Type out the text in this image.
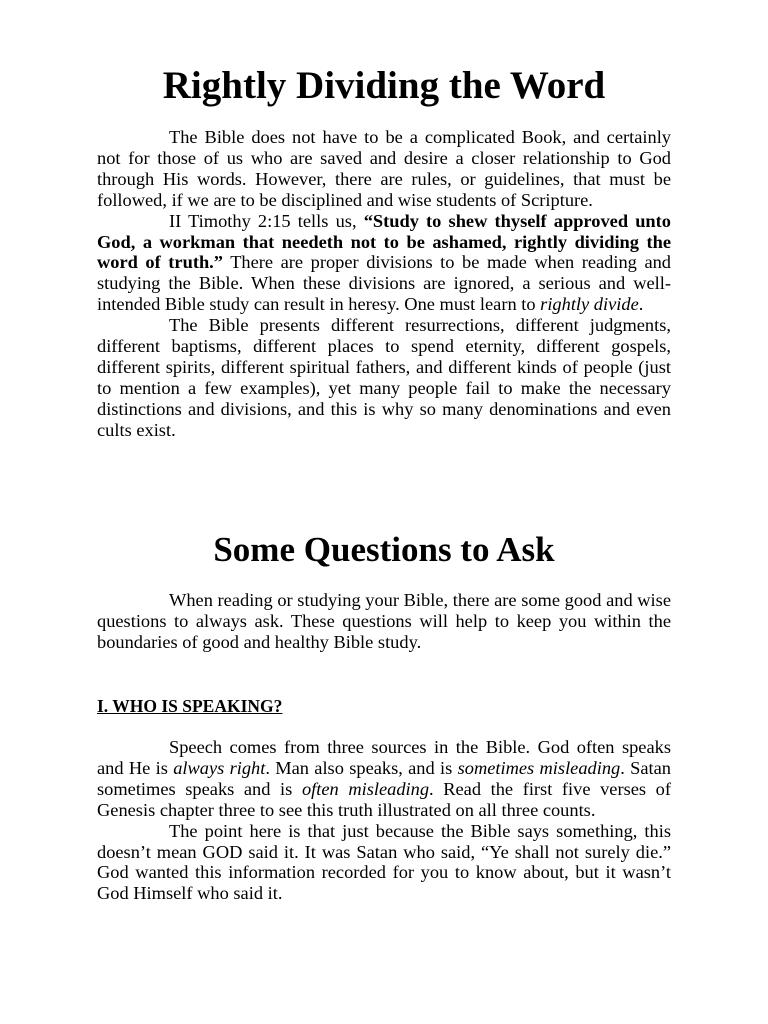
Rightly Dividing the Word

The Bible does not have to be a complicated Book, and certainly not for those of us who are saved and desire a closer relationship to God through His words. However, there are rules, or guidelines, that must be followed, if we are to be disciplined and wise students of Scripture.

II Timothy 2:15 tells us, “Study to shew thyself approved unto God, a workman that needeth not to be ashamed, rightly dividing the word of truth.” There are proper divisions to be made when reading and studying the Bible. When these divisions are ignored, a serious and well-intended Bible study can result in heresy. One must learn to rightly divide.

The Bible presents different resurrections, different judgments, different baptisms, different places to spend eternity, different gospels, different spirits, different spiritual fathers, and different kinds of people (just to mention a few examples), yet many people fail to make the necessary distinctions and divisions, and this is why so many denominations and even cults exist.

Some Questions to Ask

When reading or studying your Bible, there are some good and wise questions to always ask. These questions will help to keep you within the boundaries of good and healthy Bible study.

I. WHO IS SPEAKING?

Speech comes from three sources in the Bible. God often speaks and He is always right. Man also speaks, and is sometimes misleading. Satan sometimes speaks and is often misleading. Read the first five verses of Genesis chapter three to see this truth illustrated on all three counts.

The point here is that just because the Bible says something, this doesn’t mean GOD said it. It was Satan who said, “Ye shall not surely die.” God wanted this information recorded for you to know about, but it wasn’t God Himself who said it.
